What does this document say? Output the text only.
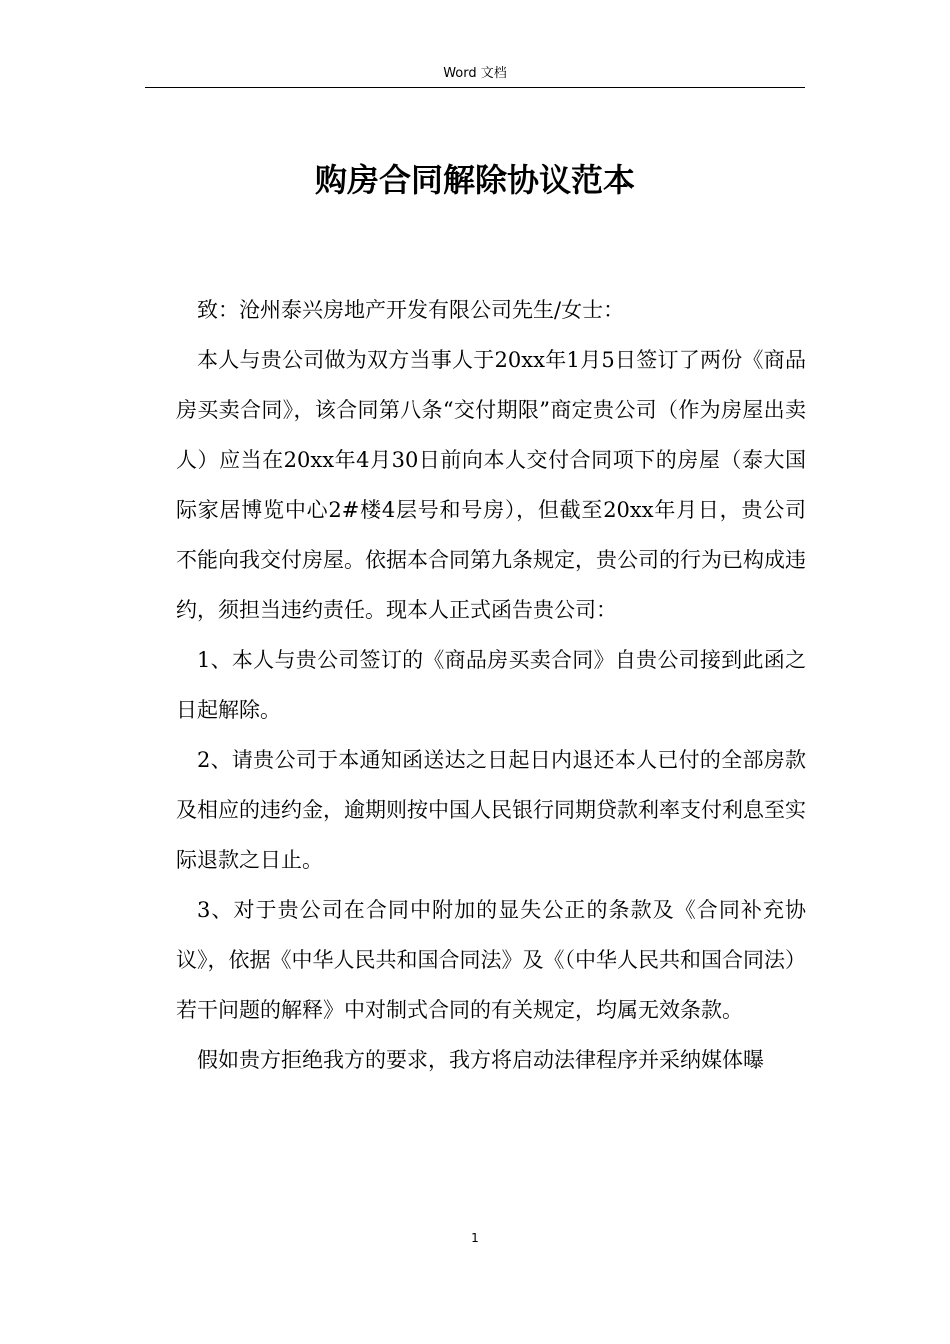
Word 文档
购房合同解除协议范本

致：沧州泰兴房地产开发有限公司先生/女士：

本人与贵公司做为双方当事人于20xx年1月5日签订了两份《商品房买卖合同》，该合同第八条“交付期限”商定贵公司（作为房屋出卖人）应当在20xx年4月30日前向本人交付合同项下的房屋（泰大国际家居博览中心2#楼4层号和号房），但截至20xx年月日，贵公司不能向我交付房屋。依据本合同第九条规定，贵公司的行为已构成违约，须担当违约责任。现本人正式函告贵公司：

1、本人与贵公司签订的《商品房买卖合同》自贵公司接到此函之日起解除。

2、请贵公司于本通知函送达之日起日内退还本人已付的全部房款及相应的违约金，逾期则按中国人民银行同期贷款利率支付利息至实际退款之日止。

3、对于贵公司在合同中附加的显失公正的条款及《合同补充协议》，依据《中华人民共和国合同法》及《（中华人民共和国合同法）若干问题的解释》中对制式合同的有关规定，均属无效条款。

假如贵方拒绝我方的要求，我方将启动法律程序并采纳媒体曝

1
